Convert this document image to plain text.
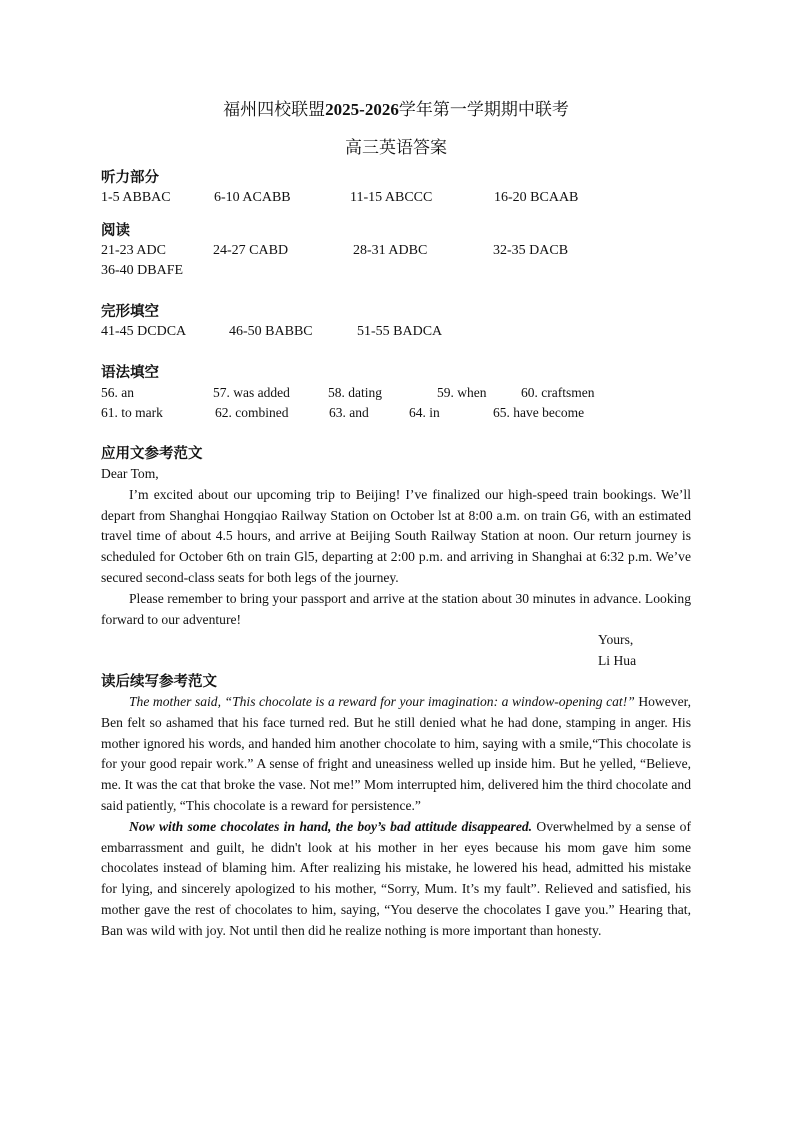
福州四校联盟2025-2026学年第一学期期中联考
高三英语答案

听力部分

1-5 ABBAC	6-10 ACABB	11-15 ABCCC	16-20 BCAAB

阅读

21-23 ADC	24-27 CABD	28-31 ADBC	32-35 DACB
36-40 DBAFE

完形填空

41-45 DCDCA	46-50 BABBC	51-55 BADCA

语法填空

56. an	57. was added	58. dating	59. when	60. craftsmen
61. to mark	62. combined	63. and	64. in	65. have become

应用文参考范文

Dear Tom,

I’m excited about our upcoming trip to Beijing! I’ve finalized our high-speed train bookings. We’ll depart from Shanghai Hongqiao Railway Station on October lst at 8:00 a.m. on train G6, with an estimated travel time of about 4.5 hours, and arrive at Beijing South Railway Station at noon. Our return journey is scheduled for October 6th on train Gl5, departing at 2:00 p.m. and arriving in Shanghai at 6:32 p.m. We’ve secured second-class seats for both legs of the journey.

Please remember to bring your passport and arrive at the station about 30 minutes in advance. Looking forward to our adventure!

Yours,
Li Hua

读后续写参考范文

The mother said, “This chocolate is a reward for your imagination: a window-opening cat!” However, Ben felt so ashamed that his face turned red. But he still denied what he had done, stamping in anger. His mother ignored his words, and handed him another chocolate to him, saying with a smile,“This chocolate is for your good repair work.” A sense of fright and uneasiness welled up inside him. But he yelled, “Believe, me. It was the cat that broke the vase. Not me!” Mom interrupted him, delivered him the third chocolate and said patiently, “This chocolate is a reward for persistence.”

Now with some chocolates in hand, the boy’s bad attitude disappeared. Overwhelmed by a sense of embarrassment and guilt, he didn't look at his mother in her eyes because his mom gave him some chocolates instead of blaming him. After realizing his mistake, he lowered his head, admitted his mistake for lying, and sincerely apologized to his mother, “Sorry, Mum. It’s my fault”. Relieved and satisfied, his mother gave the rest of chocolates to him, saying, “You deserve the chocolates I gave you.” Hearing that, Ban was wild with joy. Not until then did he realize nothing is more important than honesty.
